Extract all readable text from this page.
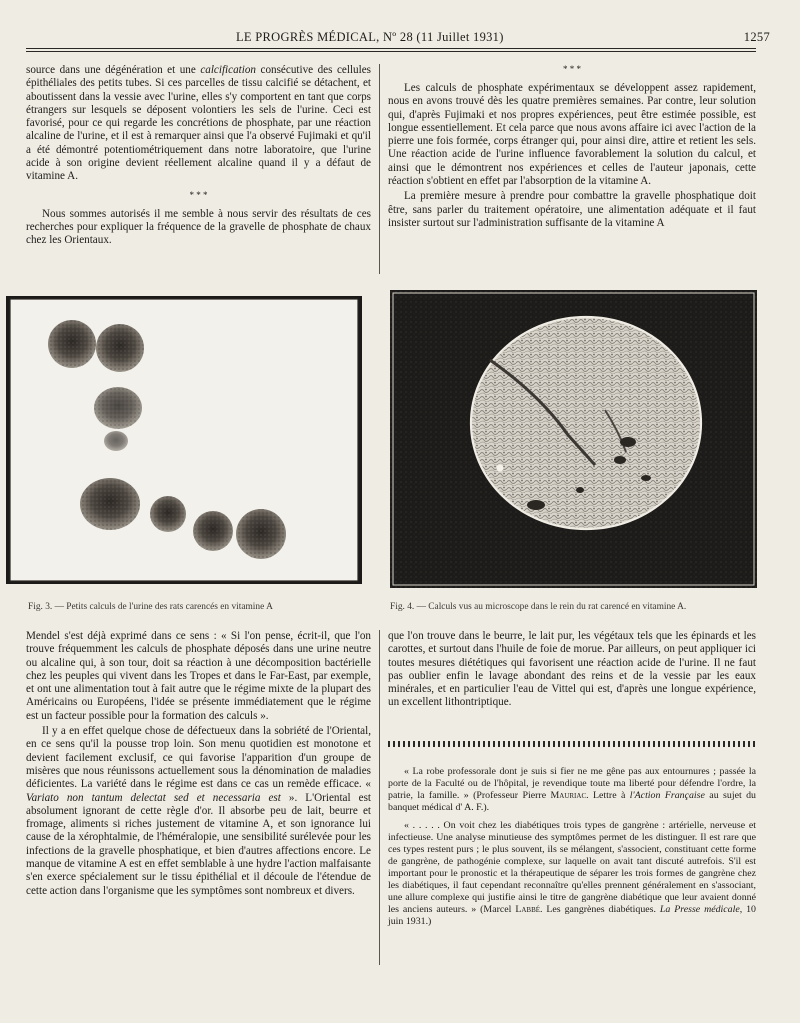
LE PROGRÈS MÉDICAL, Nº 28 (11 Juillet 1931)	1257

source dans une dégénération et une calcification consécutive des cellules épithéliales des petits tubes. Si ces parcelles de tissu calcifié se détachent, et aboutissent dans la vessie avec l'urine, elles s'y comportent en tant que corps étrangers sur lesquels se déposent volontiers les sels de l'urine. Ceci est favorisé, pour ce qui regarde les concrétions de phosphate, par une réaction alcaline de l'urine, et il est à remarquer ainsi que l'a observé Fujimaki et qu'il a été démontré potentiométriquement dans notre laboratoire, que l'urine acide à son origine devient réellement alcaline quand il y a défaut de vitamine A.

* * *

Nous sommes autorisés il me semble à nous servir des résultats de ces recherches pour expliquer la fréquence de la gravelle de phosphate de chaux chez les Orientaux.

* * *

Les calculs de phosphate expérimentaux se développent assez rapidement, nous en avons trouvé dès les quatre premières semaines. Par contre, leur solution qui, d'après Fujimaki et nos propres expériences, peut être estimée possible, est longue essentiellement. Et cela parce que nous avons affaire ici avec l'action de la pierre une fois formée, corps étranger qui, pour ainsi dire, attire et retient les sels. Une réaction acide de l'urine influence favorablement la solution du calcul, et ainsi que le démontrent nos expériences et celles de l'auteur japonais, cette réaction s'obtient en effet par l'absorption de la vitamine A.

La première mesure à prendre pour combattre la gravelle phosphatique doit être, sans parler du traitement opératoire, une alimentation adéquate et il faut insister surtout sur l'administration suffisante de la vitamine A

Fig. 3. — Petits calculs de l'urine des rats carencés en vitamine A	Fig. 4. — Calculs vus au microscope dans le rein du rat carencé en vitamine A.

Mendel s'est déjà exprimé dans ce sens : « Si l'on pense, écrit-il, que l'on trouve fréquemment les calculs de phosphate déposés dans une urine neutre ou alcaline qui, à son tour, doit sa réaction à une décomposition bactérielle chez les peuples qui vivent dans les Tropes et dans le Far-East, par exemple, et ont une alimentation tout à fait autre que le régime mixte de la plupart des Américains ou Européens, l'idée se présente immédiatement que le régime est un facteur possible pour la formation des calculs ».

Il y a en effet quelque chose de défectueux dans la sobriété de l'Oriental, en ce sens qu'il la pousse trop loin. Son menu quotidien est monotone et devient facilement exclusif, ce qui favorise l'apparition d'un groupe de misères que nous réunissons actuellement sous la dénomination de maladies déficientes. La variété dans le régime est dans ce cas un remède efficace. « Variato non tantum delectat sed et necessaria est ». L'Oriental est absolument ignorant de cette règle d'or. Il absorbe peu de lait, beurre et fromage, aliments si riches justement de vitamine A, et son ignorance lui cause de la xérophtalmie, de l'héméralopie, une sensibilité surélevée pour les infections de la gravelle phosphatique, et bien d'autres affections encore. Le manque de vitamine A est en effet semblable à une hydre l'action malfaisante s'en exerce spécialement sur le tissu épithélial et il découle de l'étendue de cette action dans l'organisme que les symptômes sont nombreux et divers.

que l'on trouve dans le beurre, le lait pur, les végétaux tels que les épinards et les carottes, et surtout dans l'huile de foie de morue. Par ailleurs, on peut appliquer ici toutes mesures diététiques qui favorisent une réaction acide de l'urine. Il ne faut pas oublier enfin le lavage abondant des reins et de la vessie par les eaux minérales, et en particulier l'eau de Vittel qui est, d'après une longue expérience, un excellent lithontriptique.

« La robe professorale dont je suis si fier ne me gêne pas aux entournures ; passée la porte de la Faculté ou de l'hôpital, je revendique toute ma liberté pour défendre l'ordre, la patrie, la famille. » (Professeur Pierre Mauriac. Lettre à l'Action Française au sujet du banquet médical d' A. F.).

« . . . . . On voit chez les diabétiques trois types de gangrène : artérielle, nerveuse et infectieuse. Une analyse minutieuse des symptômes permet de les distinguer. Il est rare que ces types restent purs ; le plus souvent, ils se mélangent, s'associent, constituant cette forme de gangrène, de pathogénie complexe, sur laquelle on avait tant discuté autrefois. S'il est important pour le pronostic et la thérapeutique de séparer les trois formes de gangrène chez les diabétiques, il faut cependant reconnaître qu'elles prennent généralement en s'associant, une allure complexe qui justifie ainsi le titre de gangrène diabétique que leur avaient donné les anciens auteurs. » (Marcel Labbé. Les gangrènes diabétiques. La Presse médicale, 10 juin 1931.)
